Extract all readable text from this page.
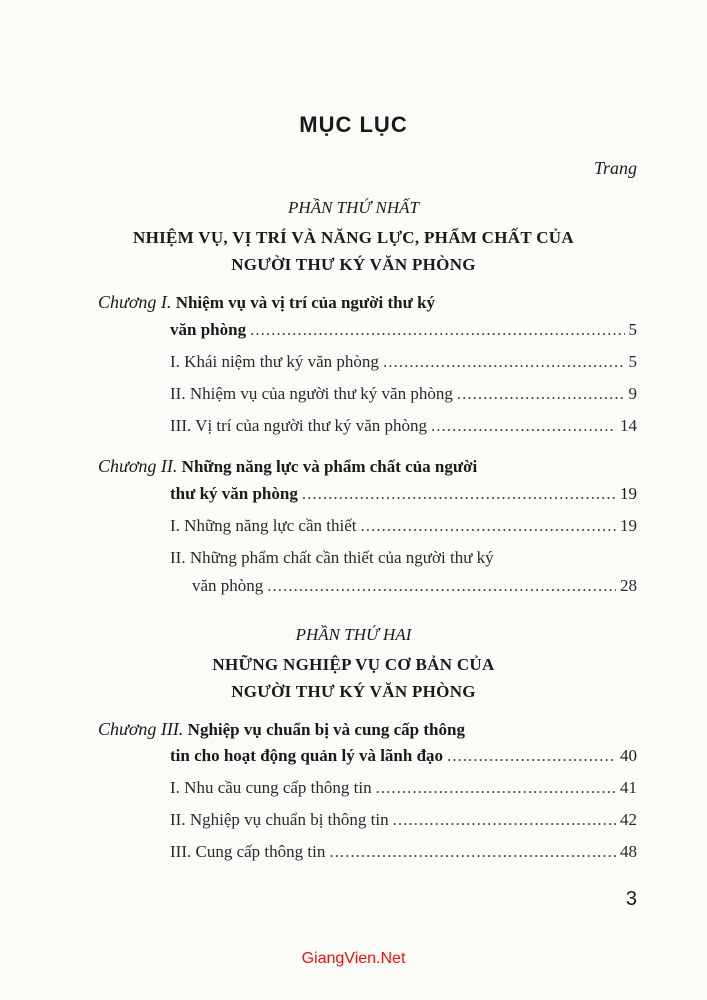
MỤC LỤC
Trang
PHẦN THỨ NHẤT
NHIỆM VỤ, VỊ TRÍ VÀ NĂNG LỰC, PHẨM CHẤT CỦA
NGƯỜI THƯ KÝ VĂN PHÒNG
Chương I. Nhiệm vụ và vị trí của người thư ký
văn phòng .....	5
I. Khái niệm thư ký văn phòng .....	5
II. Nhiệm vụ của người thư ký văn phòng .....	9
III. Vị trí của người thư ký văn phòng .....	14
Chương II. Những năng lực và phẩm chất của người
thư ký văn phòng .....	19
I. Những năng lực cần thiết .....	19
II. Những phẩm chất cần thiết của người thư ký
văn phòng .....	28
PHẦN THỨ HAI
NHỮNG NGHIỆP VỤ CƠ BẢN CỦA
NGƯỜI THƯ KÝ VĂN PHÒNG
Chương III. Nghiệp vụ chuẩn bị và cung cấp thông
tin cho hoạt động quản lý và lãnh đạo .....	40
I. Nhu cầu cung cấp thông tin .....	41
II. Nghiệp vụ chuẩn bị thông tin .....	42
III. Cung cấp thông tin .....	48
3
GiangVien.Net
